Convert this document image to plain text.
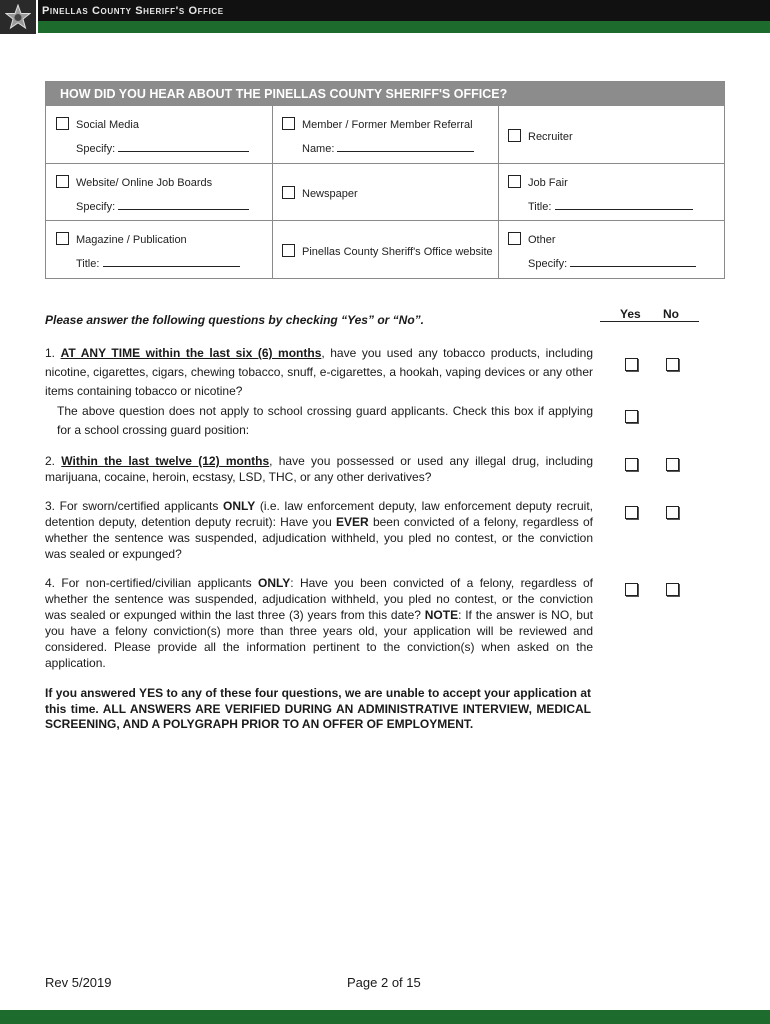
Pinellas County Sheriff's Office
HOW DID YOU HEAR ABOUT THE PINELLAS COUNTY SHERIFF'S OFFICE?
Social Media
Specify:
Member / Former Member Referral
Name:
Recruiter
Website/ Online Job Boards
Specify:
Newspaper
Job Fair
Title:
Magazine / Publication
Title:
Pinellas County Sheriff's Office website
Other
Specify:
Please answer the following questions by checking “Yes” or “No”.	Yes No
1. AT ANY TIME within the last six (6) months, have you used any tobacco products, including nicotine, cigarettes, cigars, chewing tobacco, snuff, e-cigarettes, a hookah, vaping devices or any other items containing tobacco or nicotine?
The above question does not apply to school crossing guard applicants. Check this box if applying for a school crossing guard position:
2. Within the last twelve (12) months, have you possessed or used any illegal drug, including marijuana, cocaine, heroin, ecstasy, LSD, THC, or any other derivatives?
3. For sworn/certified applicants ONLY (i.e. law enforcement deputy, law enforcement deputy recruit, detention deputy, detention deputy recruit): Have you EVER been convicted of a felony, regardless of whether the sentence was suspended, adjudication withheld, you pled no contest, or the conviction was sealed or expunged?
4. For non-certified/civilian applicants ONLY: Have you been convicted of a felony, regardless of whether the sentence was suspended, adjudication withheld, you pled no contest, or the conviction was sealed or expunged within the last three (3) years from this date? NOTE: If the answer is NO, but you have a felony conviction(s) more than three years old, your application will be reviewed and considered. Please provide all the information pertinent to the conviction(s) when asked on the application.
If you answered YES to any of these four questions, we are unable to accept your application at this time. ALL ANSWERS ARE VERIFIED DURING AN ADMINISTRATIVE INTERVIEW, MEDICAL SCREENING, AND A POLYGRAPH PRIOR TO AN OFFER OF EMPLOYMENT.
Rev 5/2019	Page 2 of 15
